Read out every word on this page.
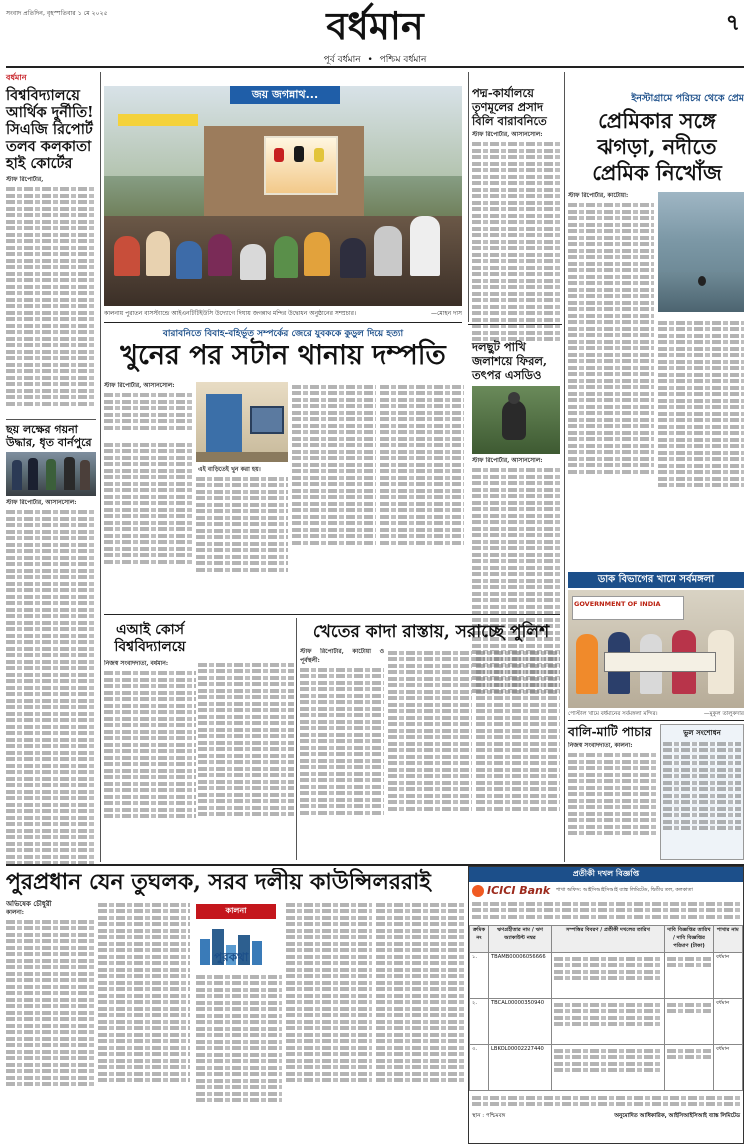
সংবাদ প্রতিদিন, বৃহস্পতিবার ১ মে ২০২৫	বর্ধমান	৭
পূর্ব বর্ধমান • পশ্চিম বর্ধমান
বর্ধমান
বিশ্ববিদ্যালয়ে আর্থিক দুর্নীতি! সিএজি রিপোর্ট তলব কলকাতা হাই কোর্টের
স্টাফ রিপোর্টার,
ছয় লক্ষের গয়না উদ্ধার, ধৃত বার্নপুরে
স্টাফ রিপোর্টার, আসানসোল:
জয় জগন্নাথ...
কালনায় পুরাতন বাসস্ট্যান্ডে আইএনটিটিইউসি উদ্যোগে দিঘায় জগন্নাথ মন্দির উদ্বোধন অনুষ্ঠানের সম্প্রচার।	—মোহন দাস
পদ্ম-কার্যালয়ে তৃণমূলের প্রসাদ বিলি বারাবনিতে
স্টাফ রিপোর্টার, আসানসোল:
বারাবনিতে বিবাহ-বহির্ভূত সম্পর্কের জেরে যুবককে কুড়ুল দিয়ে হত্যা
খুনের পর সটান থানায় দম্পতি
স্টাফ রিপোর্টার, আসানসোল:
এই বাড়িতেই খুন করা হয়।
দলছুট পাখি জলাশয়ে ফিরল, তৎপর এসডিও
স্টাফ রিপোর্টার, আসানসোল:
ইনস্টাগ্রামে পরিচয় থেকে প্রেম
প্রেমিকার সঙ্গে ঝগড়া, নদীতে প্রেমিক নিখোঁজ
স্টাফ রিপোর্টার, কাটোয়া:
ডাক বিভাগের খামে সর্বমঙ্গলা
GOVERNMENT OF INDIA
পোস্টাল খামে বর্ধমানের সর্বমঙ্গলা মন্দির।	—মুকুল তালুকদার
বালি-মাটি পাচার
নিজস্ব সংবাদদাতা, কালনা:
ভুল সংশোধন
এআই কোর্স বিশ্ববিদ্যালয়ে
নিজস্ব সংবাদদাতা, বর্ধমান:
খেতের কাদা রাস্তায়, সরাচ্ছে পুলিশ
স্টাফ রিপোর্টার, কাটোয়া ও পূর্বস্থলী:
পুরপ্রধান যেন তুঘলক, সরব দলীয় কাউন্সিলররাই
অভিষেক চৌধুরী
কালনা:	কালনা
পুরকথা
প্রতীকী দখল বিজ্ঞপ্তি
ICICI Bank শাখা অফিস: আইসিআইসিআই ব্যাঙ্ক লিমিটেড, দ্বিতীয় তল, কলকাতা
ক্রমিক নং	ঋণগ্রহীতার নাম / ঋণ অ্যাকাউন্ট নম্বর	সম্পত্তির বিবরণ / প্রতীকী দখলের তারিখ	দাবি বিজ্ঞপ্তির তারিখ / দাবি বিজ্ঞপ্তির পরিমাণ (টাকা)	শাখার নাম
১.	TBAMB00006056666			বর্ধমান
২.	TBCAL00000350940			বর্ধমান
৩.	LBKOL00002227440			বর্ধমান
স্থান : পশ্চিমবঙ্গ	অনুমোদিত আধিকারিক, আইসিআইসিআই ব্যাঙ্ক লিমিটেড
